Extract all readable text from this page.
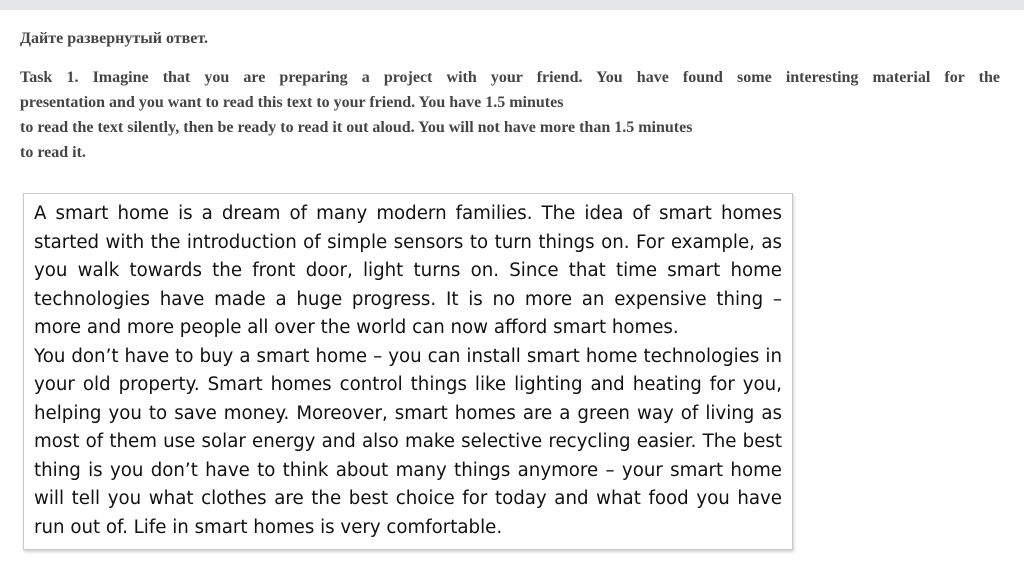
Дайте развернутый ответ.

Task 1. Imagine that you are preparing a project with your friend. You have found some interesting material for the
presentation and you want to read this text to your friend. You have 1.5 minutes
to read the text silently, then be ready to read it out aloud. You will not have more than 1.5 minutes
to read it.

A smart home is a dream of many modern families. The idea of smart homes started with the introduction of simple sensors to turn things on. For example, as you walk towards the front door, light turns on. Since that time smart home technologies have made a huge progress. It is no more an expensive thing – more and more people all over the world can now afford smart homes.

You don’t have to buy a smart home – you can install smart home technologies in your old property. Smart homes control things like lighting and heating for you, helping you to save money. Moreover, smart homes are a green way of living as most of them use solar energy and also make selective recycling easier. The best thing is you don’t have to think about many things anymore – your smart home will tell you what clothes are the best choice for today and what food you have run out of. Life in smart homes is very comfortable.
